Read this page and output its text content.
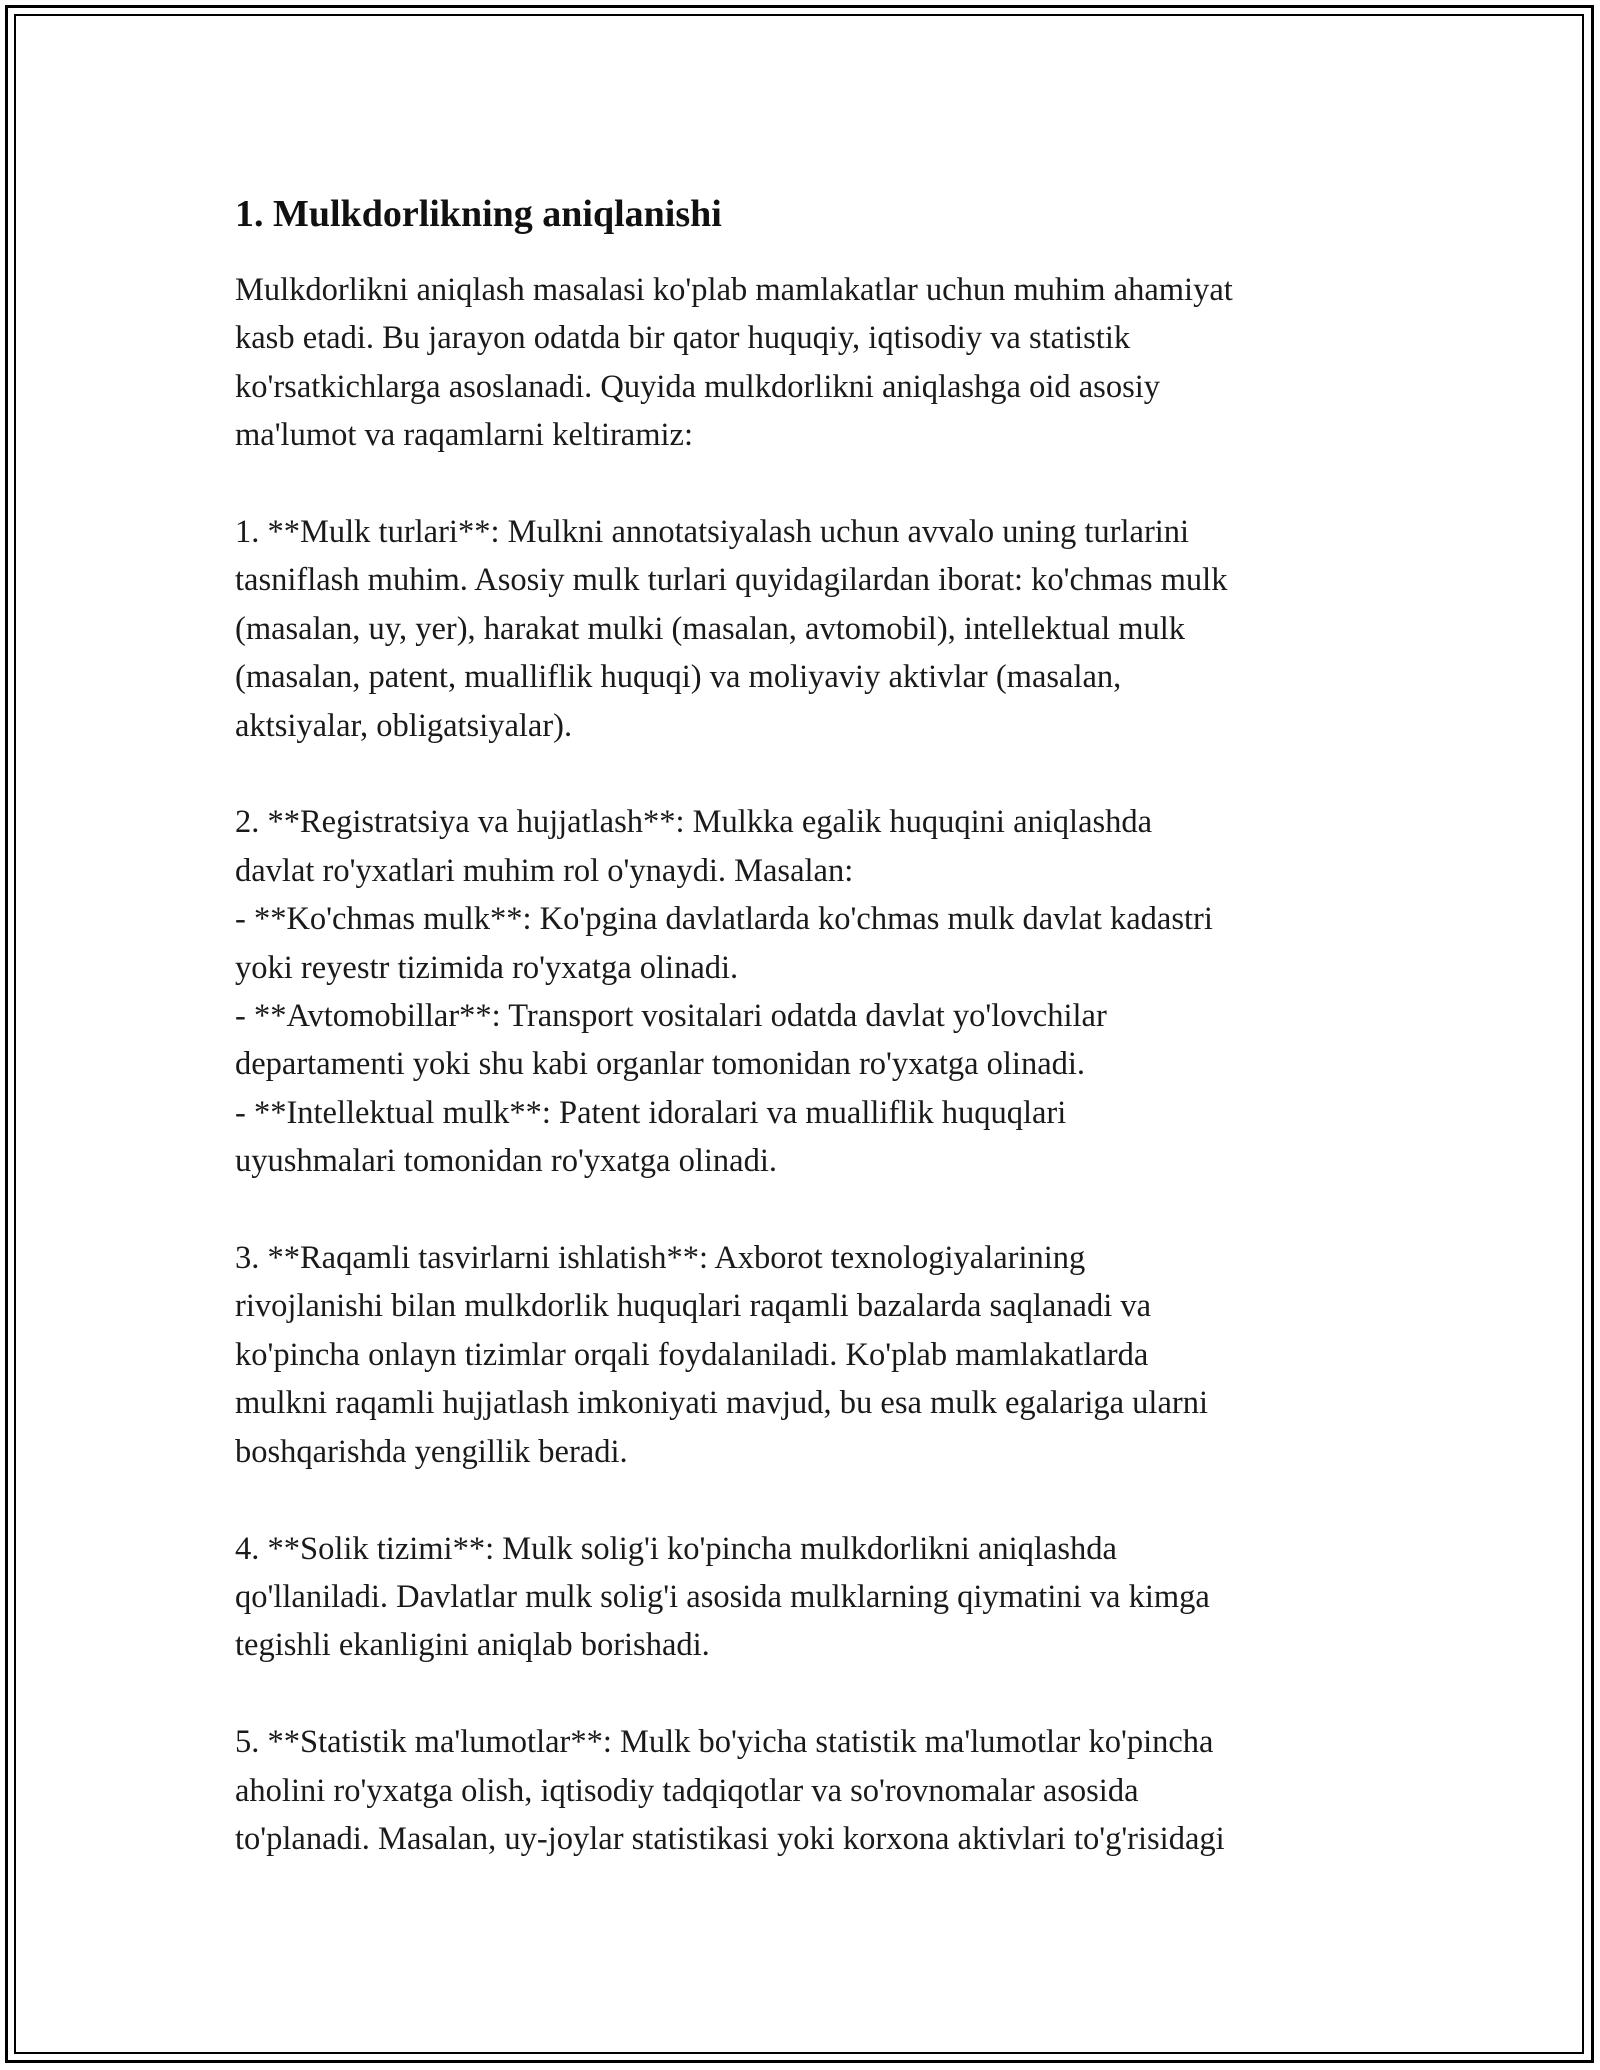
1. Mulkdorlikning aniqlanishi

Mulkdorlikni aniqlash masalasi ko'plab mamlakatlar uchun muhim ahamiyat
kasb etadi. Bu jarayon odatda bir qator huquqiy, iqtisodiy va statistik
ko'rsatkichlarga asoslanadi. Quyida mulkdorlikni aniqlashga oid asosiy
ma'lumot va raqamlarni keltiramiz:

1. **Mulk turlari**: Mulkni annotatsiyalash uchun avvalo uning turlarini
tasniflash muhim. Asosiy mulk turlari quyidagilardan iborat: ko'chmas mulk
(masalan, uy, yer), harakat mulki (masalan, avtomobil), intellektual mulk
(masalan, patent, mualliflik huquqi) va moliyaviy aktivlar (masalan,
aktsiyalar, obligatsiyalar).

2. **Registratsiya va hujjatlash**: Mulkka egalik huquqini aniqlashda
davlat ro'yxatlari muhim rol o'ynaydi. Masalan:
- **Ko'chmas mulk**: Ko'pgina davlatlarda ko'chmas mulk davlat kadastri
yoki reyestr tizimida ro'yxatga olinadi.
- **Avtomobillar**: Transport vositalari odatda davlat yo'lovchilar
departamenti yoki shu kabi organlar tomonidan ro'yxatga olinadi.
- **Intellektual mulk**: Patent idoralari va mualliflik huquqlari
uyushmalari tomonidan ro'yxatga olinadi.

3. **Raqamli tasvirlarni ishlatish**: Axborot texnologiyalarining
rivojlanishi bilan mulkdorlik huquqlari raqamli bazalarda saqlanadi va
ko'pincha onlayn tizimlar orqali foydalaniladi. Ko'plab mamlakatlarda
mulkni raqamli hujjatlash imkoniyati mavjud, bu esa mulk egalariga ularni
boshqarishda yengillik beradi.

4. **Solik tizimi**: Mulk solig'i ko'pincha mulkdorlikni aniqlashda
qo'llaniladi. Davlatlar mulk solig'i asosida mulklarning qiymatini va kimga
tegishli ekanligini aniqlab borishadi.

5. **Statistik ma'lumotlar**: Mulk bo'yicha statistik ma'lumotlar ko'pincha
aholini ro'yxatga olish, iqtisodiy tadqiqotlar va so'rovnomalar asosida
to'planadi. Masalan, uy-joylar statistikasi yoki korxona aktivlari to'g'risidagi
